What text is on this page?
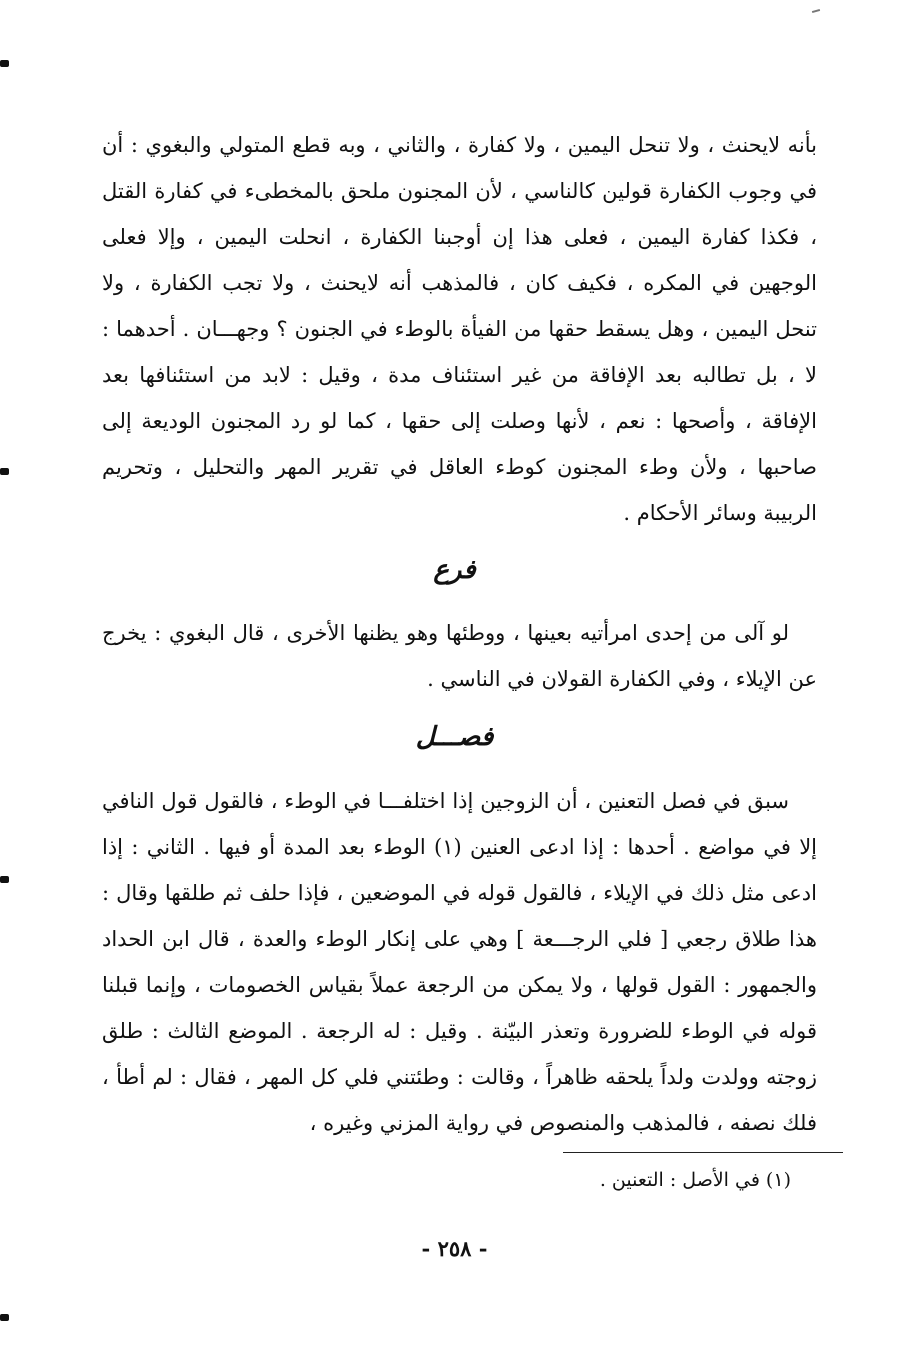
بأنه لايحنث ، ولا تنحل اليمين ، ولا كفارة ، والثاني ، وبه قطع المتولي والبغوي : أن في وجوب الكفارة قولين كالناسي ، لأن المجنون ملحق بالمخطىء في كفارة القتل ، فكذا كفارة اليمين ، فعلى هذا إن أوجبنا الكفارة ، انحلت اليمين ، وإلا فعلى الوجهين في المكره ، فكيف كان ، فالمذهب أنه لايحنث ، ولا تجب الكفارة ، ولا تنحل اليمين ، وهل يسقط حقها من الفيأة بالوطء في الجنون ؟ وجهـــان . أحدهما : لا ، بل تطالبه بعد الإفاقة من غير استئناف مدة ، وقيل : لابد من استئنافها بعد الإفاقة ، وأصحها : نعم ، لأنها وصلت إلى حقها ، كما لو رد المجنون الوديعة إلى صاحبها ، ولأن وطء المجنون كوطء العاقل في تقرير المهر والتحليل ، وتحريم الربيبة وسائر الأحكام .

فرع

لو آلى من إحدى امرأتيه بعينها ، ووطئها وهو يظنها الأخرى ، قال البغوي : يخرج عن الإيلاء ، وفي الكفارة القولان في الناسي .

فصـــل

سبق في فصل التعنين ، أن الزوجين إذا اختلفـــا في الوطء ، فالقول قول النافي إلا في مواضع . أحدها : إذا ادعى العنين (١) الوطء بعد المدة أو فيها . الثاني : إذا ادعى مثل ذلك في الإيلاء ، فالقول قوله في الموضعين ، فإذا حلف ثم طلقها وقال : هذا طلاق رجعي [ فلي الرجـــعة ] وهي على إنكار الوطء والعدة ، قال ابن الحداد والجمهور : القول قولها ، ولا يمكن من الرجعة عملاً بقياس الخصومات ، وإنما قبلنا قوله في الوطء للضرورة وتعذر البيّنة . وقيل : له الرجعة . الموضع الثالث : طلق زوجته وولدت ولداً يلحقه ظاهراً ، وقالت : وطئتني فلي كل المهر ، فقال : لم أطأ ، فلك نصفه ، فالمذهب والمنصوص في رواية المزني وغيره ،

(١) في الأصل : التعنين .
- ٢٥٨ -
